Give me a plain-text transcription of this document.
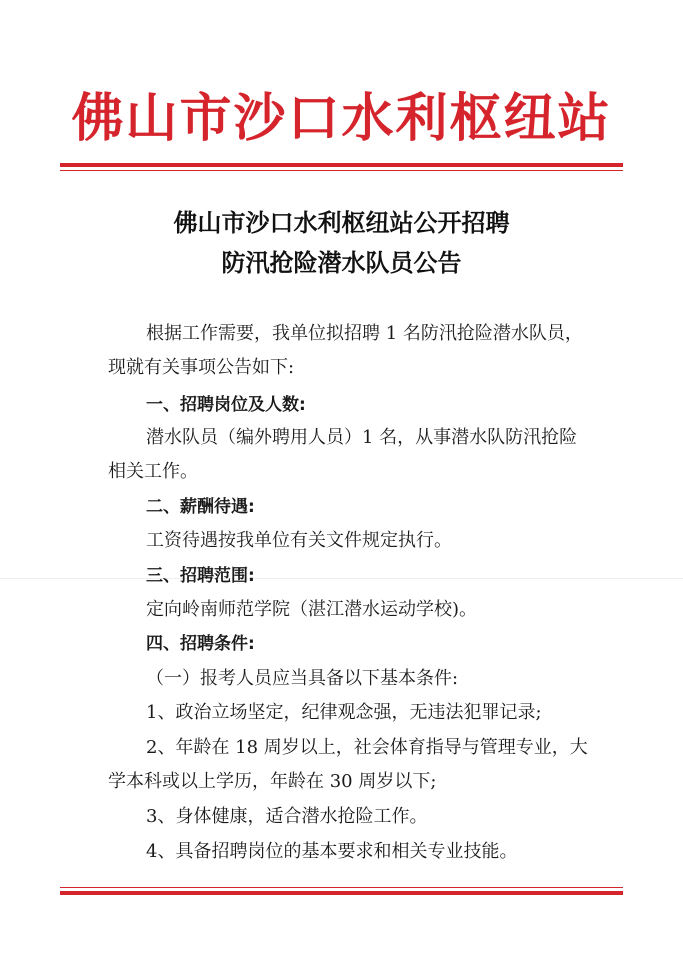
佛山市沙口水利枢纽站
佛山市沙口水利枢纽站公开招聘
防汛抢险潜水队员公告
根据工作需要，我单位拟招聘 1 名防汛抢险潜水队员，
现就有关事项公告如下:
一、招聘岗位及人数:
潜水队员（编外聘用人员）1 名，从事潜水队防汛抢险
相关工作。
二、薪酬待遇:
工资待遇按我单位有关文件规定执行。
三、招聘范围:
定向岭南师范学院（湛江潜水运动学校)。
四、招聘条件:
（一）报考人员应当具备以下基本条件:
1、政治立场坚定，纪律观念强，无违法犯罪记录;
2、年龄在 18 周岁以上，社会体育指导与管理专业，大
学本科或以上学历，年龄在 30 周岁以下;
3、身体健康，适合潜水抢险工作。
4、具备招聘岗位的基本要求和相关专业技能。
